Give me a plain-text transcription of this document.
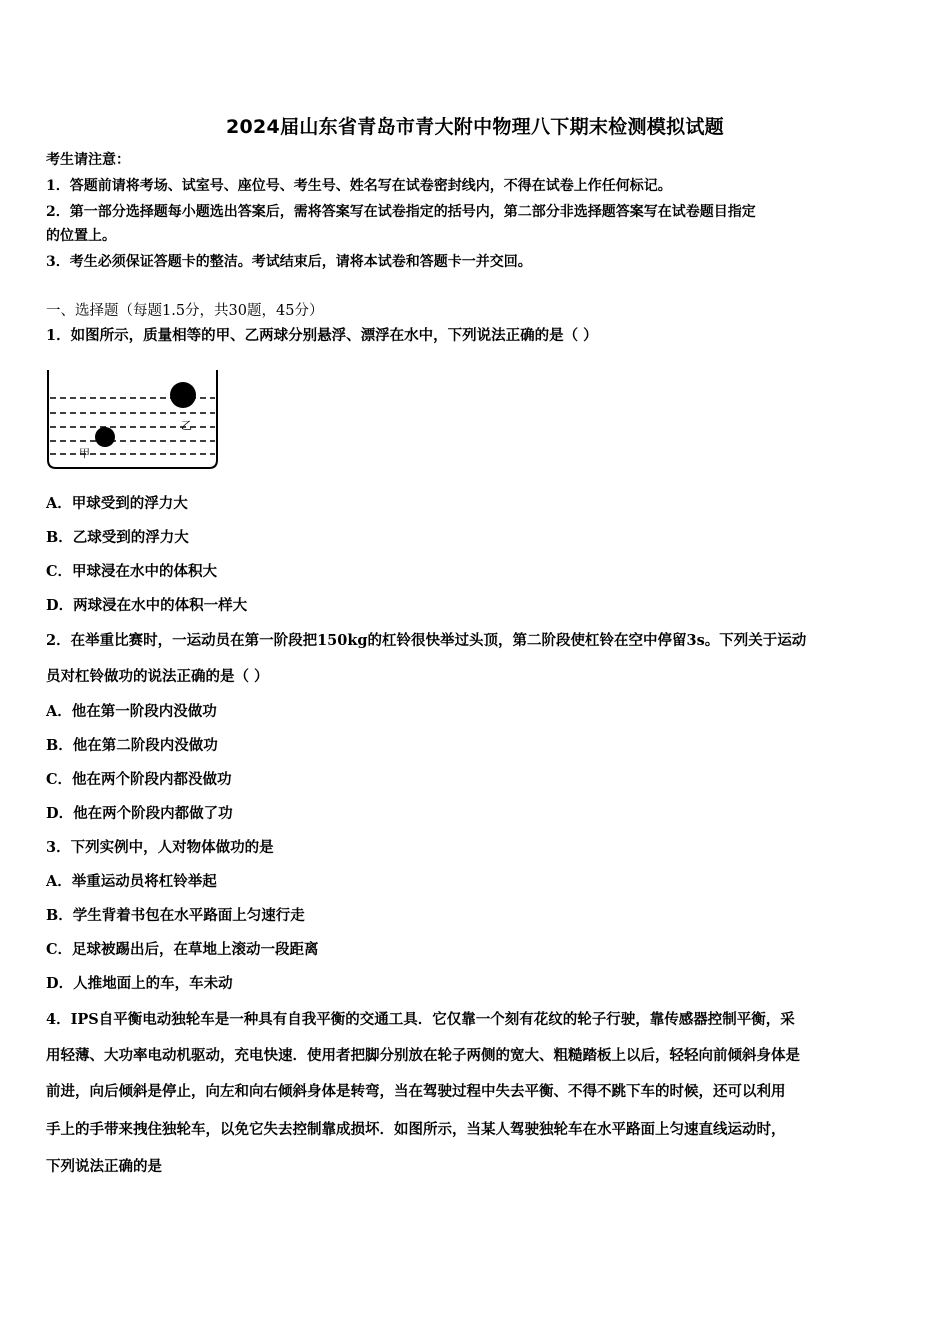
2024届山东省青岛市青大附中物理八下期末检测模拟试题
考生请注意：
1．答题前请将考场、试室号、座位号、考生号、姓名写在试卷密封线内，不得在试卷上作任何标记。
2．第一部分选择题每小题选出答案后，需将答案写在试卷指定的括号内，第二部分非选择题答案写在试卷题目指定
的位置上。
3．考生必须保证答题卡的整洁。考试结束后，请将本试卷和答题卡一并交回。
一、选择题（每题1.5分，共30题，45分）
1．如图所示，质量相等的甲、乙两球分别悬浮、漂浮在水中，下列说法正确的是（ ）
乙
甲
A．甲球受到的浮力大
B．乙球受到的浮力大
C．甲球浸在水中的体积大
D．两球浸在水中的体积一样大
2．在举重比赛时，一运动员在第一阶段把150kg的杠铃很快举过头顶，第二阶段使杠铃在空中停留3s。下列关于运动
员对杠铃做功的说法正确的是（ ）
A．他在第一阶段内没做功
B．他在第二阶段内没做功
C．他在两个阶段内都没做功
D．他在两个阶段内都做了功
3．下列实例中，人对物体做功的是
A．举重运动员将杠铃举起
B．学生背着书包在水平路面上匀速行走
C．足球被踢出后，在草地上滚动一段距离
D．人推地面上的车，车未动
4．IPS自平衡电动独轮车是一种具有自我平衡的交通工具．它仅靠一个刻有花纹的轮子行驶，靠传感器控制平衡，采
用轻薄、大功率电动机驱动，充电快速．使用者把脚分别放在轮子两侧的宽大、粗糙踏板上以后，轻轻向前倾斜身体是
前进，向后倾斜是停止，向左和向右倾斜身体是转弯，当在驾驶过程中失去平衡、不得不跳下车的时候，还可以利用
手上的手带来拽住独轮车，以免它失去控制靠成损坏．如图所示，当某人驾驶独轮车在水平路面上匀速直线运动时，
下列说法正确的是
